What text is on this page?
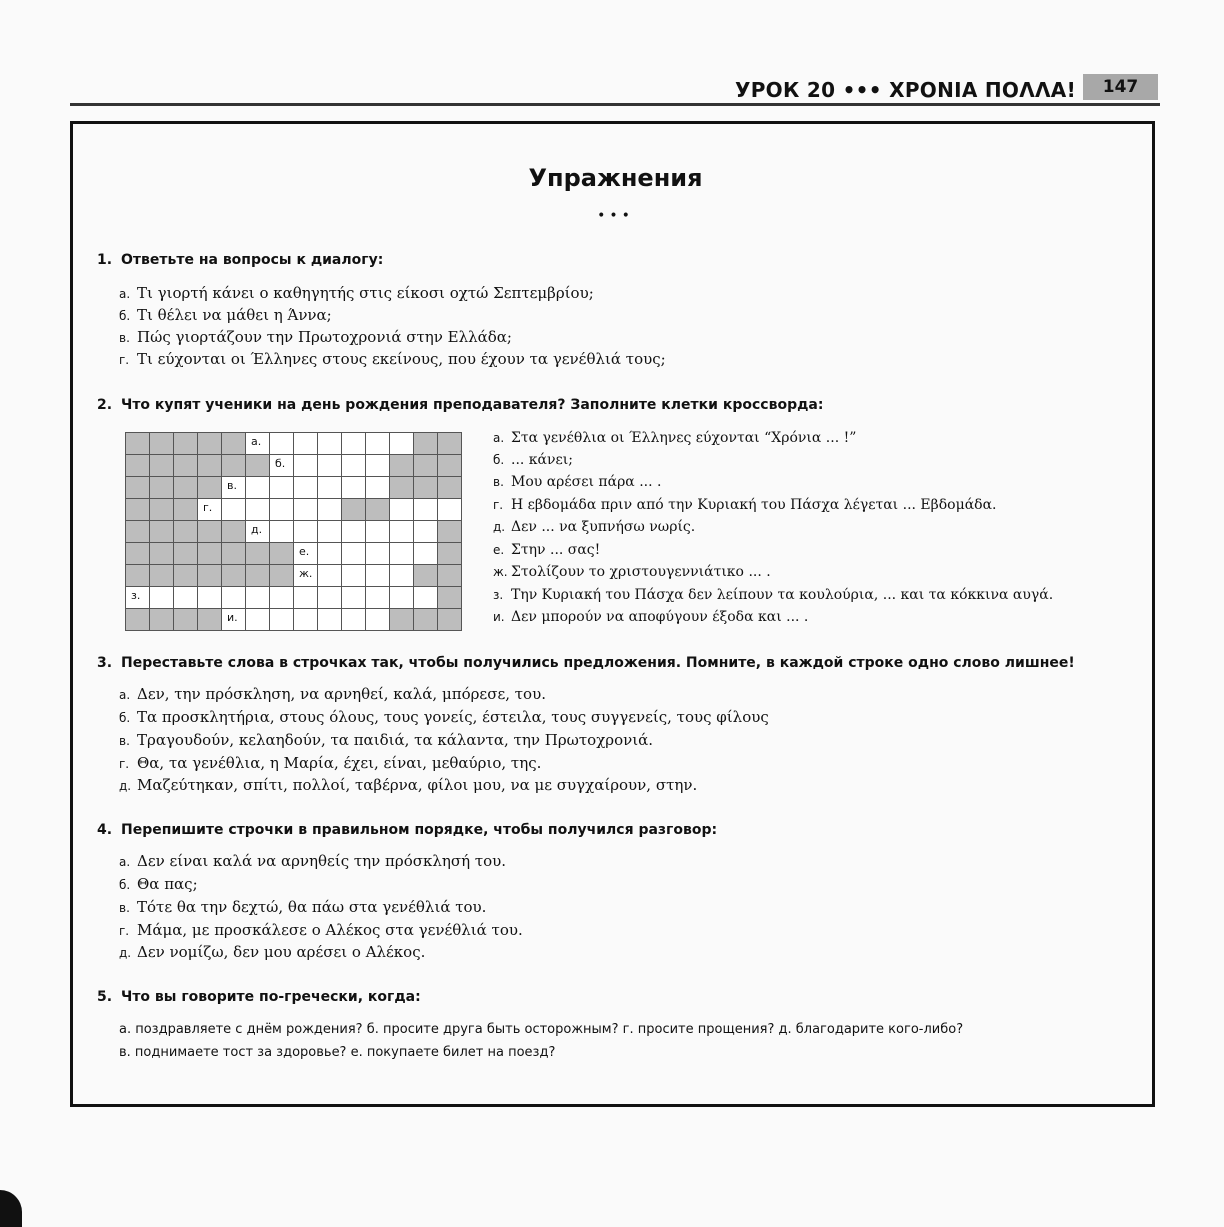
УРОК 20 ••• ΧΡΟΝΙΑ ΠΟΛΛΑ!	147
Упражнения
•••
1. Ответьте на вопросы к диалогу:
а. Τι γιορτή κάνει ο καθηγητής στις είκοσι οχτώ Σεπτεμβρίου;
б. Τι θέλει να μάθει η Άννα;
в. Πώς γιορτάζουν την Πρωτοχρονιά στην Ελλάδα;
г. Τι εύχονται οι Έλληνες στους εκείνους, που έχουν τα γενέθλιά τους;
2. Что купят ученики на день рождения преподавателя? Заполните клетки кроссворда:

					а.								

						б.							

				в.									

			г.										

					д.								

							е.						

							ж.						

з.													

				и.									

а. Στα γενέθλια οι Έλληνες εύχονται “Χρόνια ... !”
б. ... κάνει;
в. Μου αρέσει πάρα ... .
г. Η εβδομάδα πριν από την Κυριακή του Πάσχα λέγεται ... Εβδομάδα.
д. Δεν ... να ξυπνήσω νωρίς.
е. Στην ... σας!
ж. Στολίζουν το χριστουγεννιάτικο ... .
з. Την Κυριακή του Πάσχα δεν λείπουν τα κουλούρια, ... και τα κόκκινα αυγά.
и. Δεν μπορούν να αποφύγουν έξοδα και ... .
3. Переставьте слова в строчках так, чтобы получились предложения. Помните, в каждой строке одно слово лишнее!
а. Δεν, την πρόσκληση, να αρνηθεί, καλά, μπόρεσε, του.
б. Τα προσκλητήρια, στους όλους, τους γονείς, έστειλα, τους συγγενείς, τους φίλους
в. Τραγουδούν, κελαηδούν, τα παιδιά, τα κάλαντα, την Πρωτοχρονιά.
г. Θα, τα γενέθλια, η Μαρία, έχει, είναι, μεθαύριο, της.
д. Μαζεύτηκαν, σπίτι, πολλοί, ταβέρνα, φίλοι μου, να με συγχαίρουν, στην.
4. Перепишите строчки в правильном порядке, чтобы получился разговор:
а. Δεν είναι καλά να αρνηθείς την πρόσκλησή του.
б. Θα πας;
в. Τότε θα την δεχτώ, θα πάω στα γενέθλιά του.
г. Μάμα, με προσκάλεσε ο Αλέκος στα γενέθλιά του.
д. Δεν νομίζω, δεν μου αρέσει ο Αλέκος.
5. Что вы говорите по-гречески, когда:
а. поздравляете с днём рождения? б. просите друга быть осторожным? г. просите прощения? д. благодарите кого-либо?
в. поднимаете тост за здоровье? е. покупаете билет на поезд?
